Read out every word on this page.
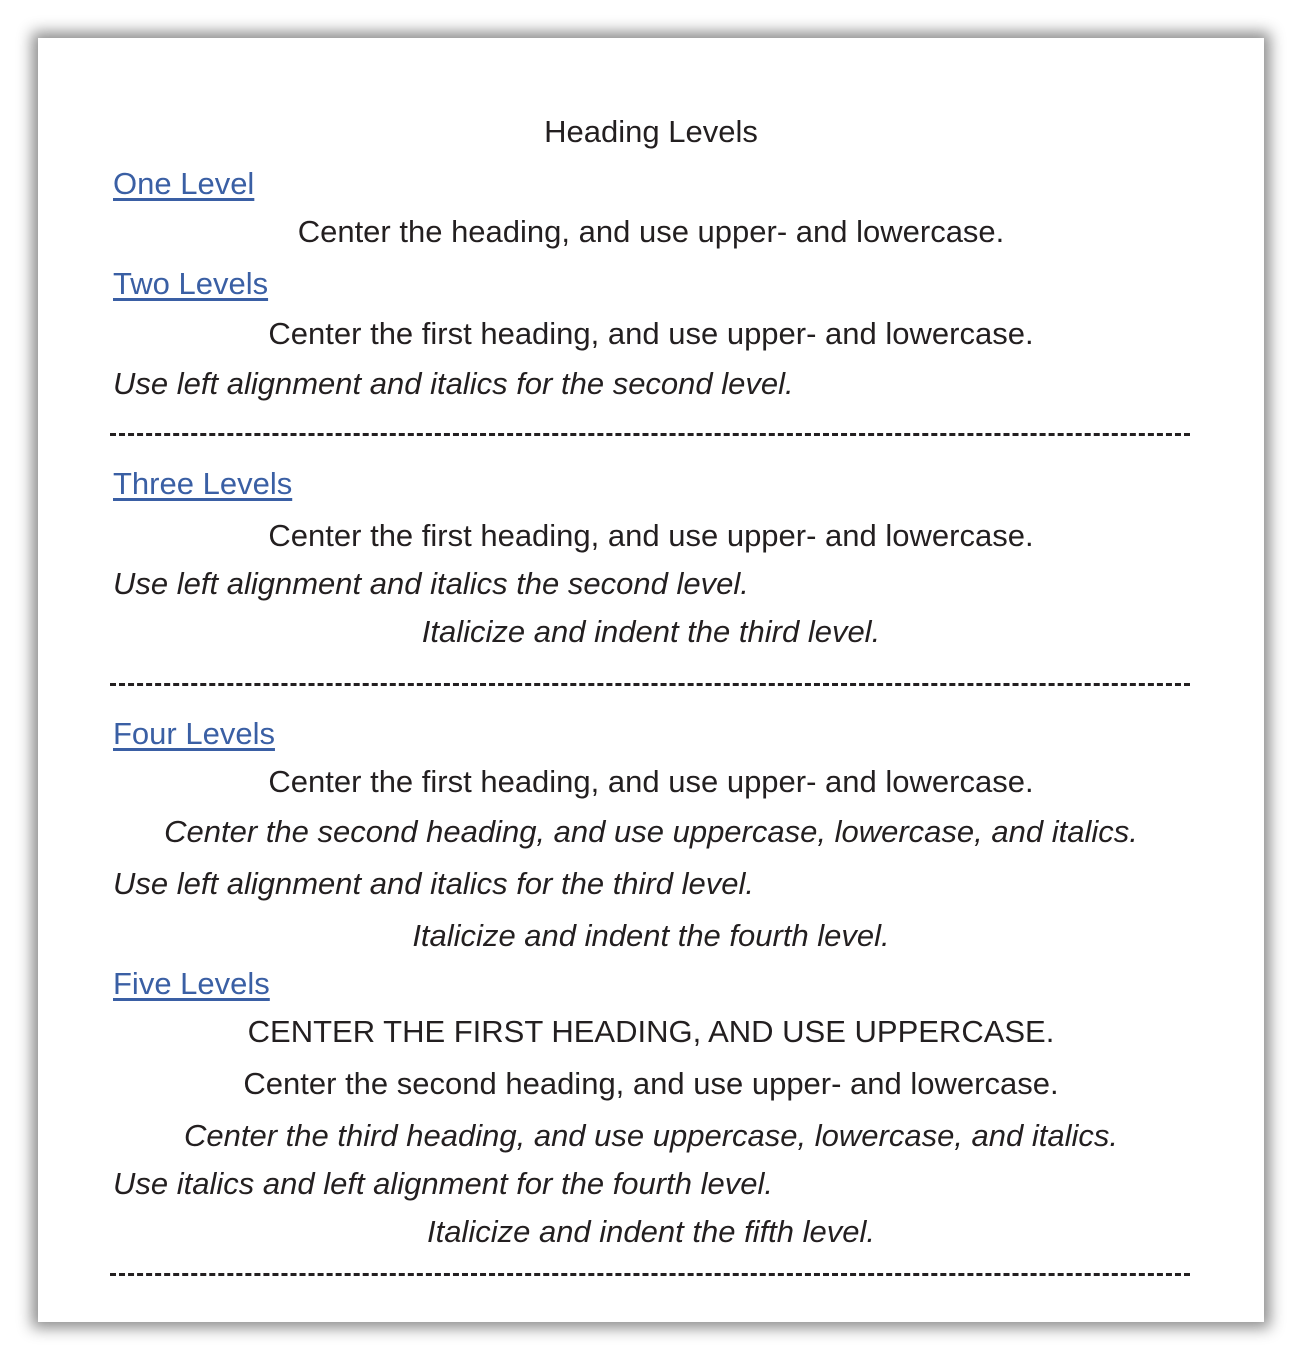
Heading Levels
One Level
Center the heading, and use upper- and lowercase.
Two Levels
Center the first heading, and use upper- and lowercase.
Use left alignment and italics for the second level.
Three Levels
Center the first heading, and use upper- and lowercase.
Use left alignment and italics the second level.
Italicize and indent the third level.
Four Levels
Center the first heading, and use upper- and lowercase.
Center the second heading, and use uppercase, lowercase, and italics.
Use left alignment and italics for the third level.
Italicize and indent the fourth level.
Five Levels
CENTER THE FIRST HEADING, AND USE UPPERCASE.
Center the second heading, and use upper- and lowercase.
Center the third heading, and use uppercase, lowercase, and italics.
Use italics and left alignment for the fourth level.
Italicize and indent the fifth level.
